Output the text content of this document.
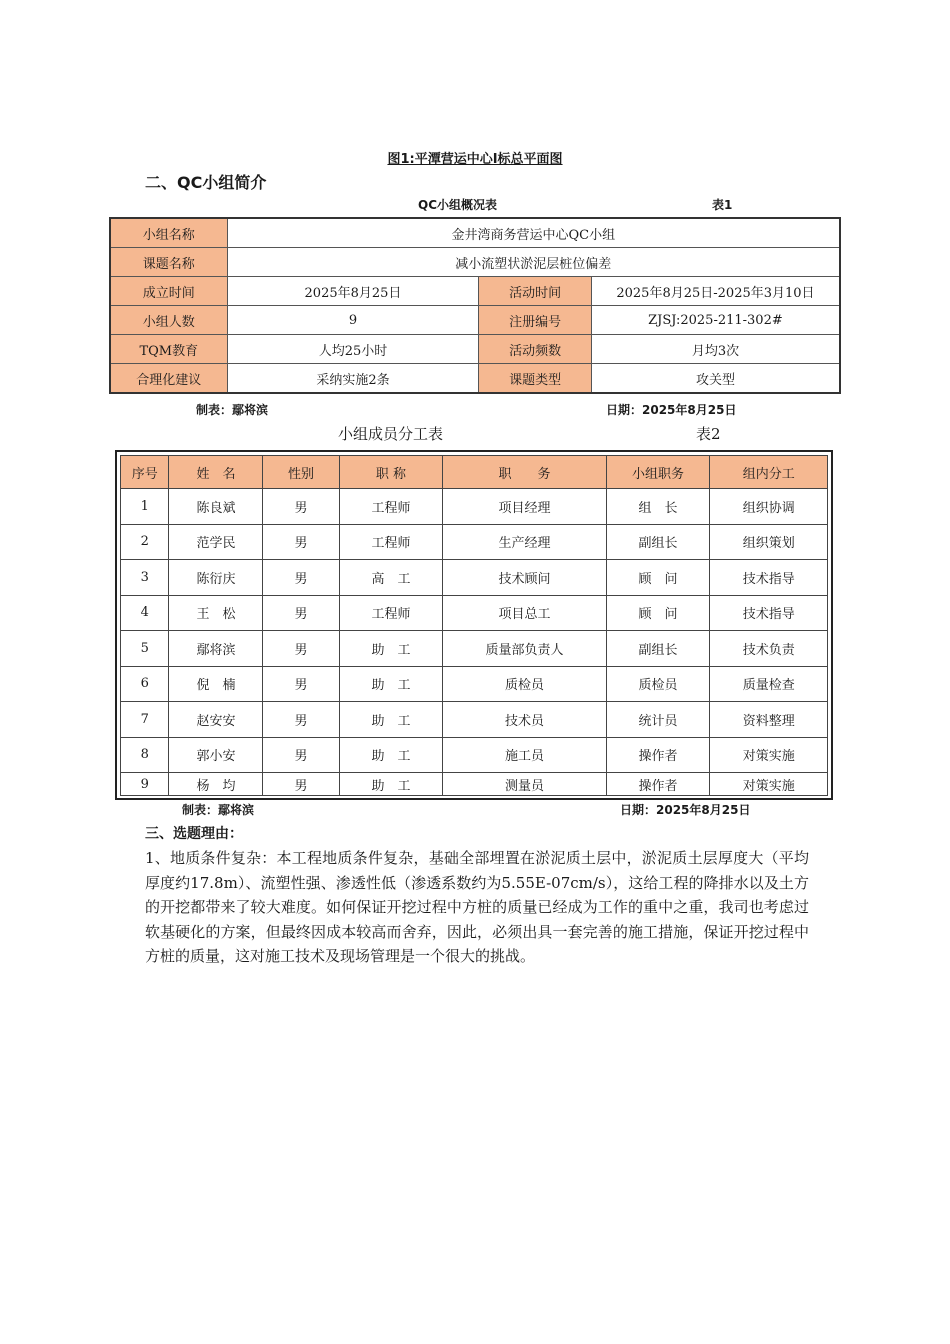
图1:平潭营运中心Ⅰ标总平面图
二、QC小组简介
QC小组概况表	表1
小组名称	金井湾商务营运中心QC小组		
课题名称	减小流塑状淤泥层桩位偏差		
成立时间	2025年8月25日	活动时间	2025年8月25日-2025年3月10日
小组人数	9	注册编号	ZJSJ:2025-211-302#
TQM教育	人均25小时	活动频数	月均3次
合理化建议	采纳实施2条	课题类型	攻关型
制表：鄢将滨	日期：2025年8月25日
小组成员分工表	表2
序号	姓　名	性别	职 称	职　　务	小组职务	组内分工
1	陈良斌	男	工程师	项目经理	组　长	组织协调
2	范学民	男	工程师	生产经理	副组长	组织策划
3	陈衍庆	男	高　工	技术顾问	顾　问	技术指导
4	王　松	男	工程师	项目总工	顾　问	技术指导
5	鄢将滨	男	助　工	质量部负责人	副组长	技术负责
6	倪　楠	男	助　工	质检员	质检员	质量检查
7	赵安安	男	助　工	技术员	统计员	资料整理
8	郭小安	男	助　工	施工员	操作者	对策实施
9	杨　均	男	助　工	测量员	操作者	对策实施
制表：鄢将滨	日期：2025年8月25日
三、选题理由：
1、地质条件复杂：本工程地质条件复杂，基础全部埋置在淤泥质土层中，淤泥质土层厚度大（平均厚度约17.8m）、流塑性强、渗透性低（渗透系数约为5.55E-07cm/s），这给工程的降排水以及土方的开挖都带来了较大难度。如何保证开挖过程中方桩的质量已经成为工作的重中之重，我司也考虑过软基硬化的方案，但最终因成本较高而舍弃，因此，必须出具一套完善的施工措施，保证开挖过程中方桩的质量，这对施工技术及现场管理是一个很大的挑战。
